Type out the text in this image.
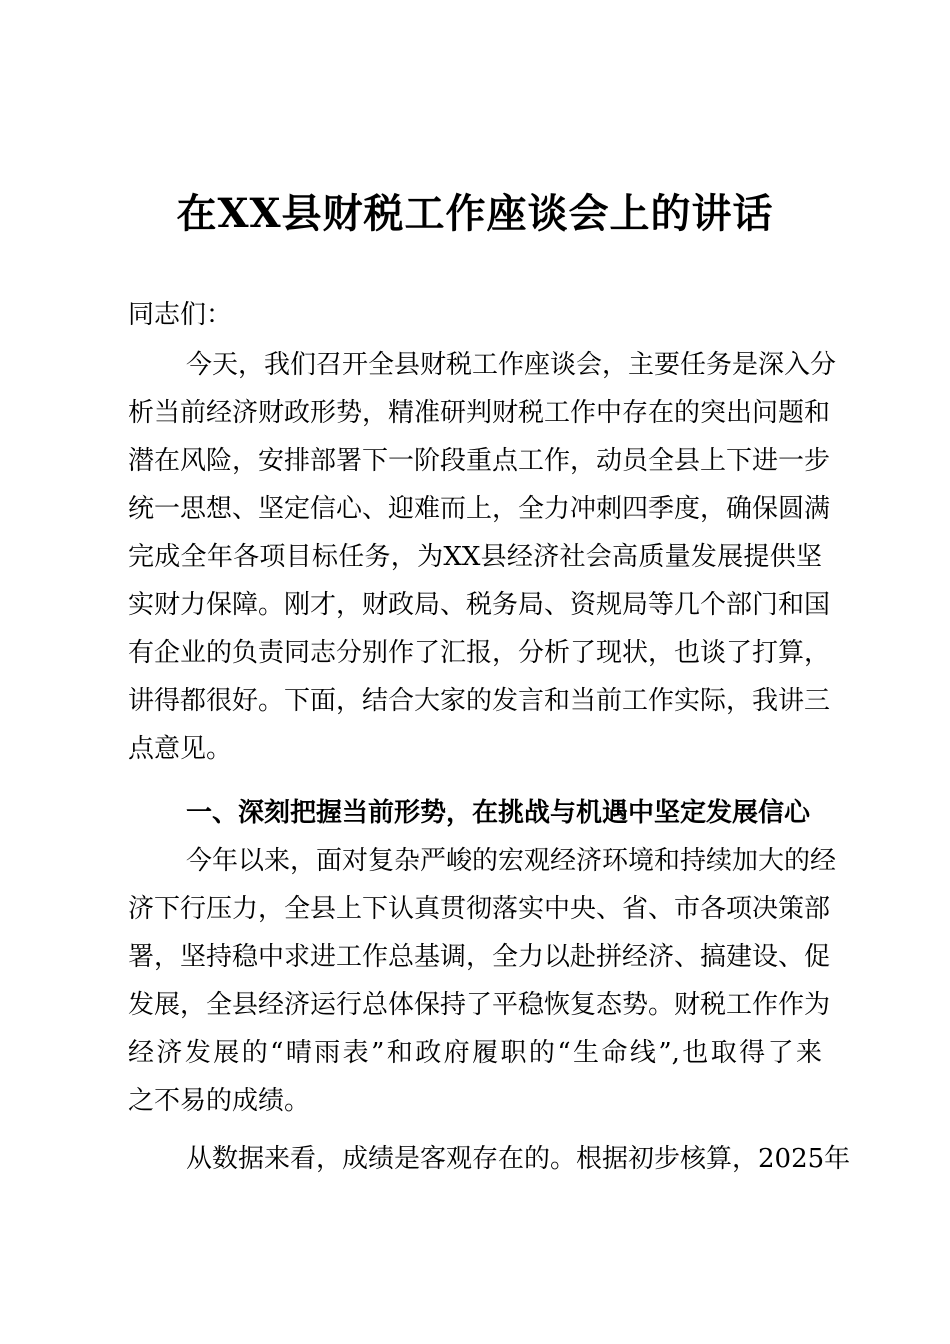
在XX县财税工作座谈会上的讲话
同志们：
今天，我们召开全县财税工作座谈会，主要任务是深入分
析当前经济财政形势，精准研判财税工作中存在的突出问题和
潜在风险，安排部署下一阶段重点工作，动员全县上下进一步
统一思想、坚定信心、迎难而上，全力冲刺四季度，确保圆满
完成全年各项目标任务，为XX县经济社会高质量发展提供坚
实财力保障。刚才，财政局、税务局、资规局等几个部门和国
有企业的负责同志分别作了汇报，分析了现状，也谈了打算，
讲得都很好。下面，结合大家的发言和当前工作实际，我讲三
点意见。
一、深刻把握当前形势，在挑战与机遇中坚定发展信心
今年以来，面对复杂严峻的宏观经济环境和持续加大的经
济下行压力，全县上下认真贯彻落实中央、省、市各项决策部
署，坚持稳中求进工作总基调，全力以赴拼经济、搞建设、促
发展，全县经济运行总体保持了平稳恢复态势。财税工作作为
经济发展的“晴雨表”和政府履职的“生命线”,也取得了来
之不易的成绩。
从数据来看，成绩是客观存在的。根据初步核算，2025年
